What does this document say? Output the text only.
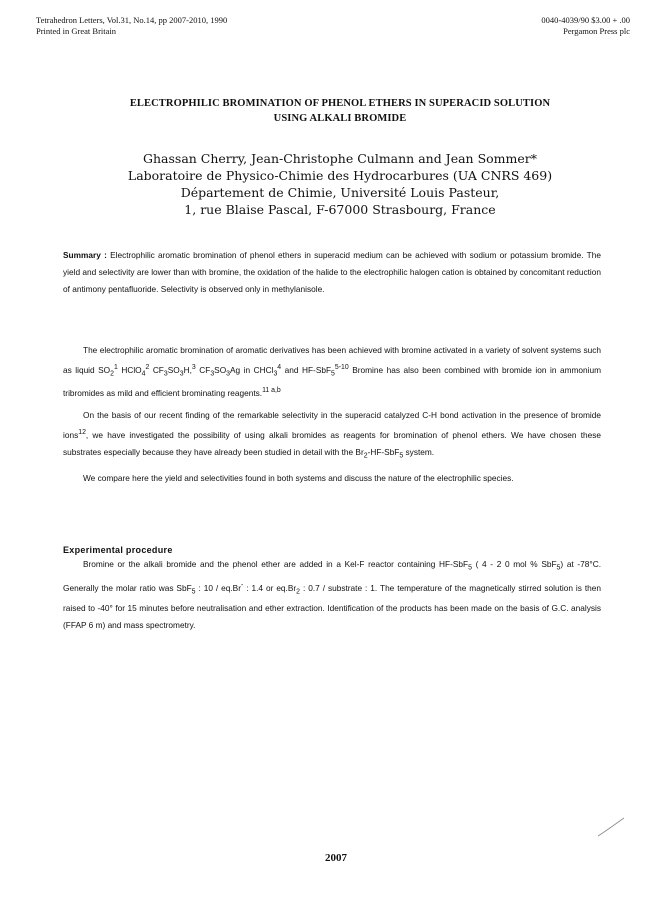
Tetrahedron Letters, Vol.31, No.14, pp 2007-2010, 1990
Printed in Great Britain
0040-4039/90 $3.00 + .00
Pergamon Press plc
ELECTROPHILIC BROMINATION OF PHENOL ETHERS IN SUPERACID SOLUTION
USING ALKALI BROMIDE
Ghassan Cherry, Jean-Christophe Culmann and Jean Sommer*
Laboratoire de Physico-Chimie des Hydrocarbures (UA CNRS 469)
Département de Chimie, Université Louis Pasteur,
1, rue Blaise Pascal, F-67000 Strasbourg, France

Summary : Electrophilic aromatic bromination of phenol ethers in superacid medium can be achieved with sodium or potassium bromide. The yield and selectivity are lower than with bromine, the oxidation of the halide to the electrophilic halogen cation is obtained by concomitant reduction of antimony pentafluoride. Selectivity is observed only in methylanisole.

The electrophilic aromatic bromination of aromatic derivatives has been achieved with bromine activated in a variety of solvent systems such as liquid $SO_2^1$ HClO$_4^2$ $CF_3SO_3H,^3$ $CF_3SO_3Ag$ in CHCl$_3^4$ and HF-SbF$_5^{5-10}$ Bromine has also been combined with bromide ion in ammonium tribromides as mild and efficient brominating reagents.$^{11 a,b}$

On the basis of our recent finding of the remarkable selectivity in the superacid catalyzed C-H bond activation in the presence of bromide ions$^{12}$, we have investigated the possibility of using alkali bromides as reagents for bromination of phenol ethers. We have chosen these substrates especially because they have already been studied in detail with the $Br_2-HF-SbF_5$ system.

We compare here the yield and selectivities found in both systems and discuss the nature of the electrophilic species.

Experimental procedure

Bromine or the alkali bromide and the phenol ether are added in a Kel-F reactor containing HF-SbF$_5$ ( 4 - 2 0 mol % SbF$_5$) at -78°C. Generally the molar ratio was SbF$_5$ : 10 / eq.Br- : 1.4 or $eq.Br_2$ : 0.7 / substrate : 1. The temperature of the magnetically stirred solution is then raised to -40° for 15 minutes before neutralisation and ether extraction. Identification of the products has been made on the basis of G.C. analysis (FFAP 6 m) and mass spectrometry.

2007
